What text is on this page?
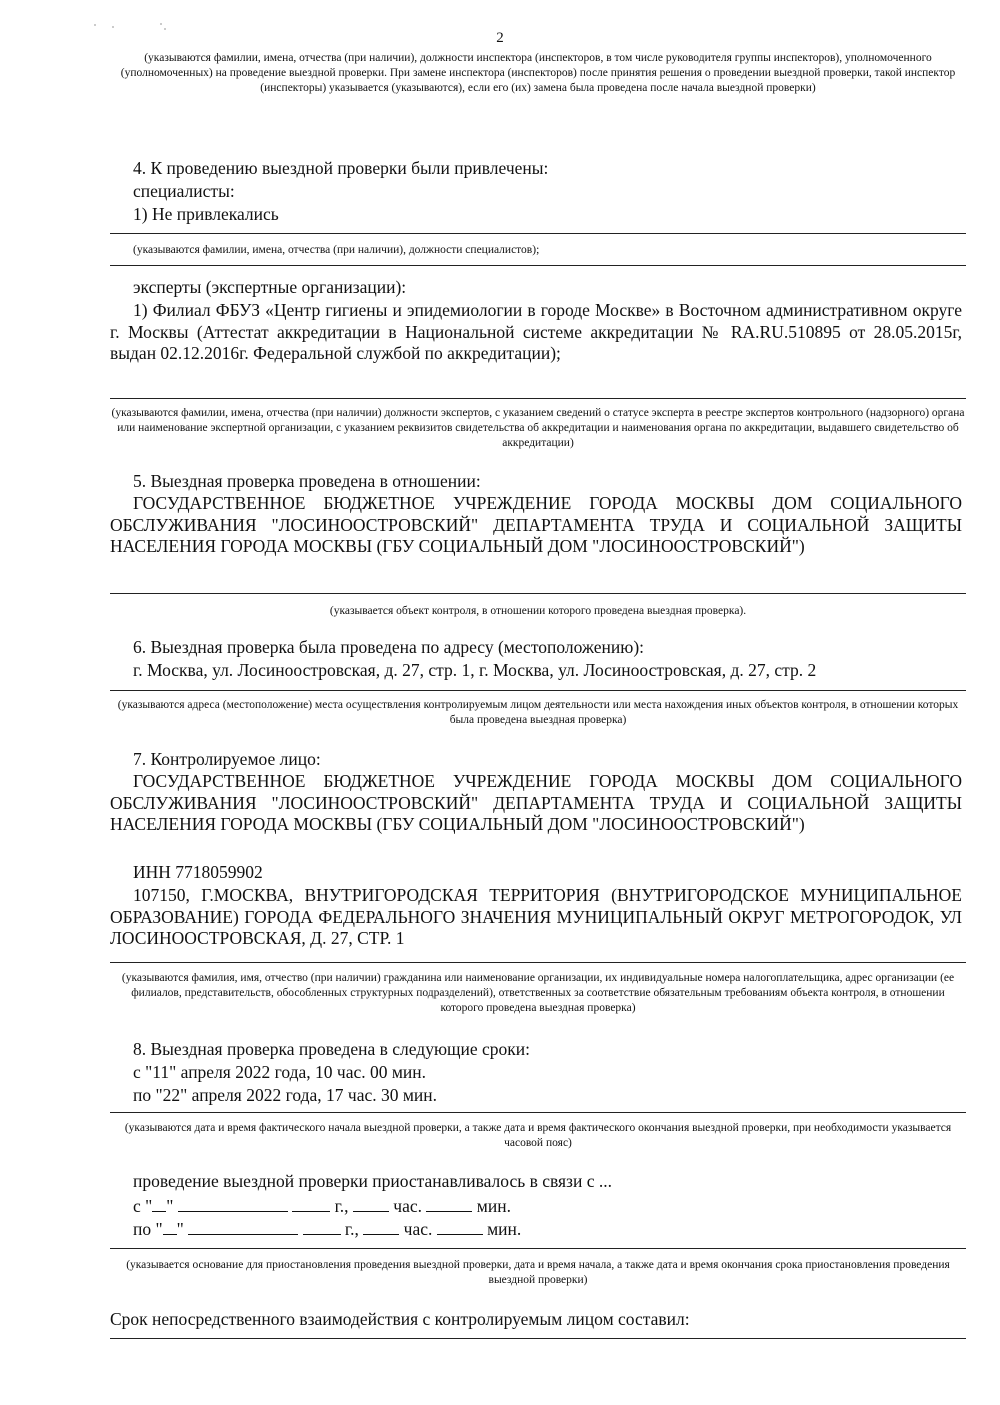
2
(указываются фамилии, имена, отчества (при наличии), должности инспектора (инспекторов, в том числе руководителя группы инспекторов), уполномоченного (уполномоченных) на проведение выездной проверки. При замене инспектора (инспекторов) после принятия решения о проведении выездной проверки, такой инспектор (инспекторы) указывается (указываются), если его (их) замена была проведена после начала выездной проверки)
4. К проведению выездной проверки были привлечены:
специалисты:
1) Не привлекались
(указываются фамилии, имена, отчества (при наличии), должности специалистов);
эксперты (экспертные организации):
1) Филиал ФБУЗ «Центр гигиены и эпидемиологии в городе Москве» в Восточном административном округе г. Москвы (Аттестат аккредитации в Национальной системе аккредитации № RA.RU.510895 от 28.05.2015г, выдан 02.12.2016г. Федеральной службой по аккредитации);
(указываются фамилии, имена, отчества (при наличии) должности экспертов, с указанием сведений о статусе эксперта в реестре экспертов контрольного (надзорного) органа или наименование экспертной организации, с указанием реквизитов свидетельства об аккредитации и наименования органа по аккредитации, выдавшего свидетельство об аккредитации)
5. Выездная проверка проведена в отношении:
ГОСУДАРСТВЕННОЕ БЮДЖЕТНОЕ УЧРЕЖДЕНИЕ ГОРОДА МОСКВЫ ДОМ СОЦИАЛЬНОГО ОБСЛУЖИВАНИЯ "ЛОСИНООСТРОВСКИЙ" ДЕПАРТАМЕНТА ТРУДА И СОЦИАЛЬНОЙ ЗАЩИТЫ НАСЕЛЕНИЯ ГОРОДА МОСКВЫ (ГБУ СОЦИАЛЬНЫЙ ДОМ "ЛОСИНООСТРОВСКИЙ")
(указывается объект контроля, в отношении которого проведена выездная проверка).
6. Выездная проверка была проведена по адресу (местоположению):
г. Москва, ул. Лосиноостровская, д. 27, стр. 1, г. Москва, ул. Лосиноостровская, д. 27, стр. 2
(указываются адреса (местоположение) места осуществления контролируемым лицом деятельности или места нахождения иных объектов контроля, в отношении которых была проведена выездная проверка)
7. Контролируемое лицо:
ГОСУДАРСТВЕННОЕ БЮДЖЕТНОЕ УЧРЕЖДЕНИЕ ГОРОДА МОСКВЫ ДОМ СОЦИАЛЬНОГО ОБСЛУЖИВАНИЯ "ЛОСИНООСТРОВСКИЙ" ДЕПАРТАМЕНТА ТРУДА И СОЦИАЛЬНОЙ ЗАЩИТЫ НАСЕЛЕНИЯ ГОРОДА МОСКВЫ (ГБУ СОЦИАЛЬНЫЙ ДОМ "ЛОСИНООСТРОВСКИЙ")
ИНН 7718059902
107150, Г.МОСКВА, ВНУТРИГОРОДСКАЯ ТЕРРИТОРИЯ (ВНУТРИГОРОДСКОЕ МУНИЦИПАЛЬНОЕ ОБРАЗОВАНИЕ) ГОРОДА ФЕДЕРАЛЬНОГО ЗНАЧЕНИЯ МУНИЦИПАЛЬНЫЙ ОКРУГ МЕТРОГОРОДОК, УЛ ЛОСИНООСТРОВСКАЯ, Д. 27, СТР. 1
(указываются фамилия, имя, отчество (при наличии) гражданина или наименование организации, их индивидуальные номера налогоплательщика, адрес организации (ее филиалов, представительств, обособленных структурных подразделений), ответственных за соответствие обязательным требованиям объекта контроля, в отношении которого проведена выездная проверка)
8. Выездная проверка проведена в следующие сроки:
с "11" апреля 2022 года, 10 час. 00 мин.
по "22" апреля 2022 года, 17 час. 30 мин.
(указываются дата и время фактического начала выездной проверки, а также дата и время фактического окончания выездной проверки, при необходимости указывается часовой пояс)
проведение выездной проверки приостанавливалось в связи с ...
с " "	г.,	час.	мин.
по " "	г.,	час.	мин.
(указывается основание для приостановления проведения выездной проверки, дата и время начала, а также дата и время окончания срока приостановления проведения выездной проверки)
Срок непосредственного взаимодействия с контролируемым лицом составил:
